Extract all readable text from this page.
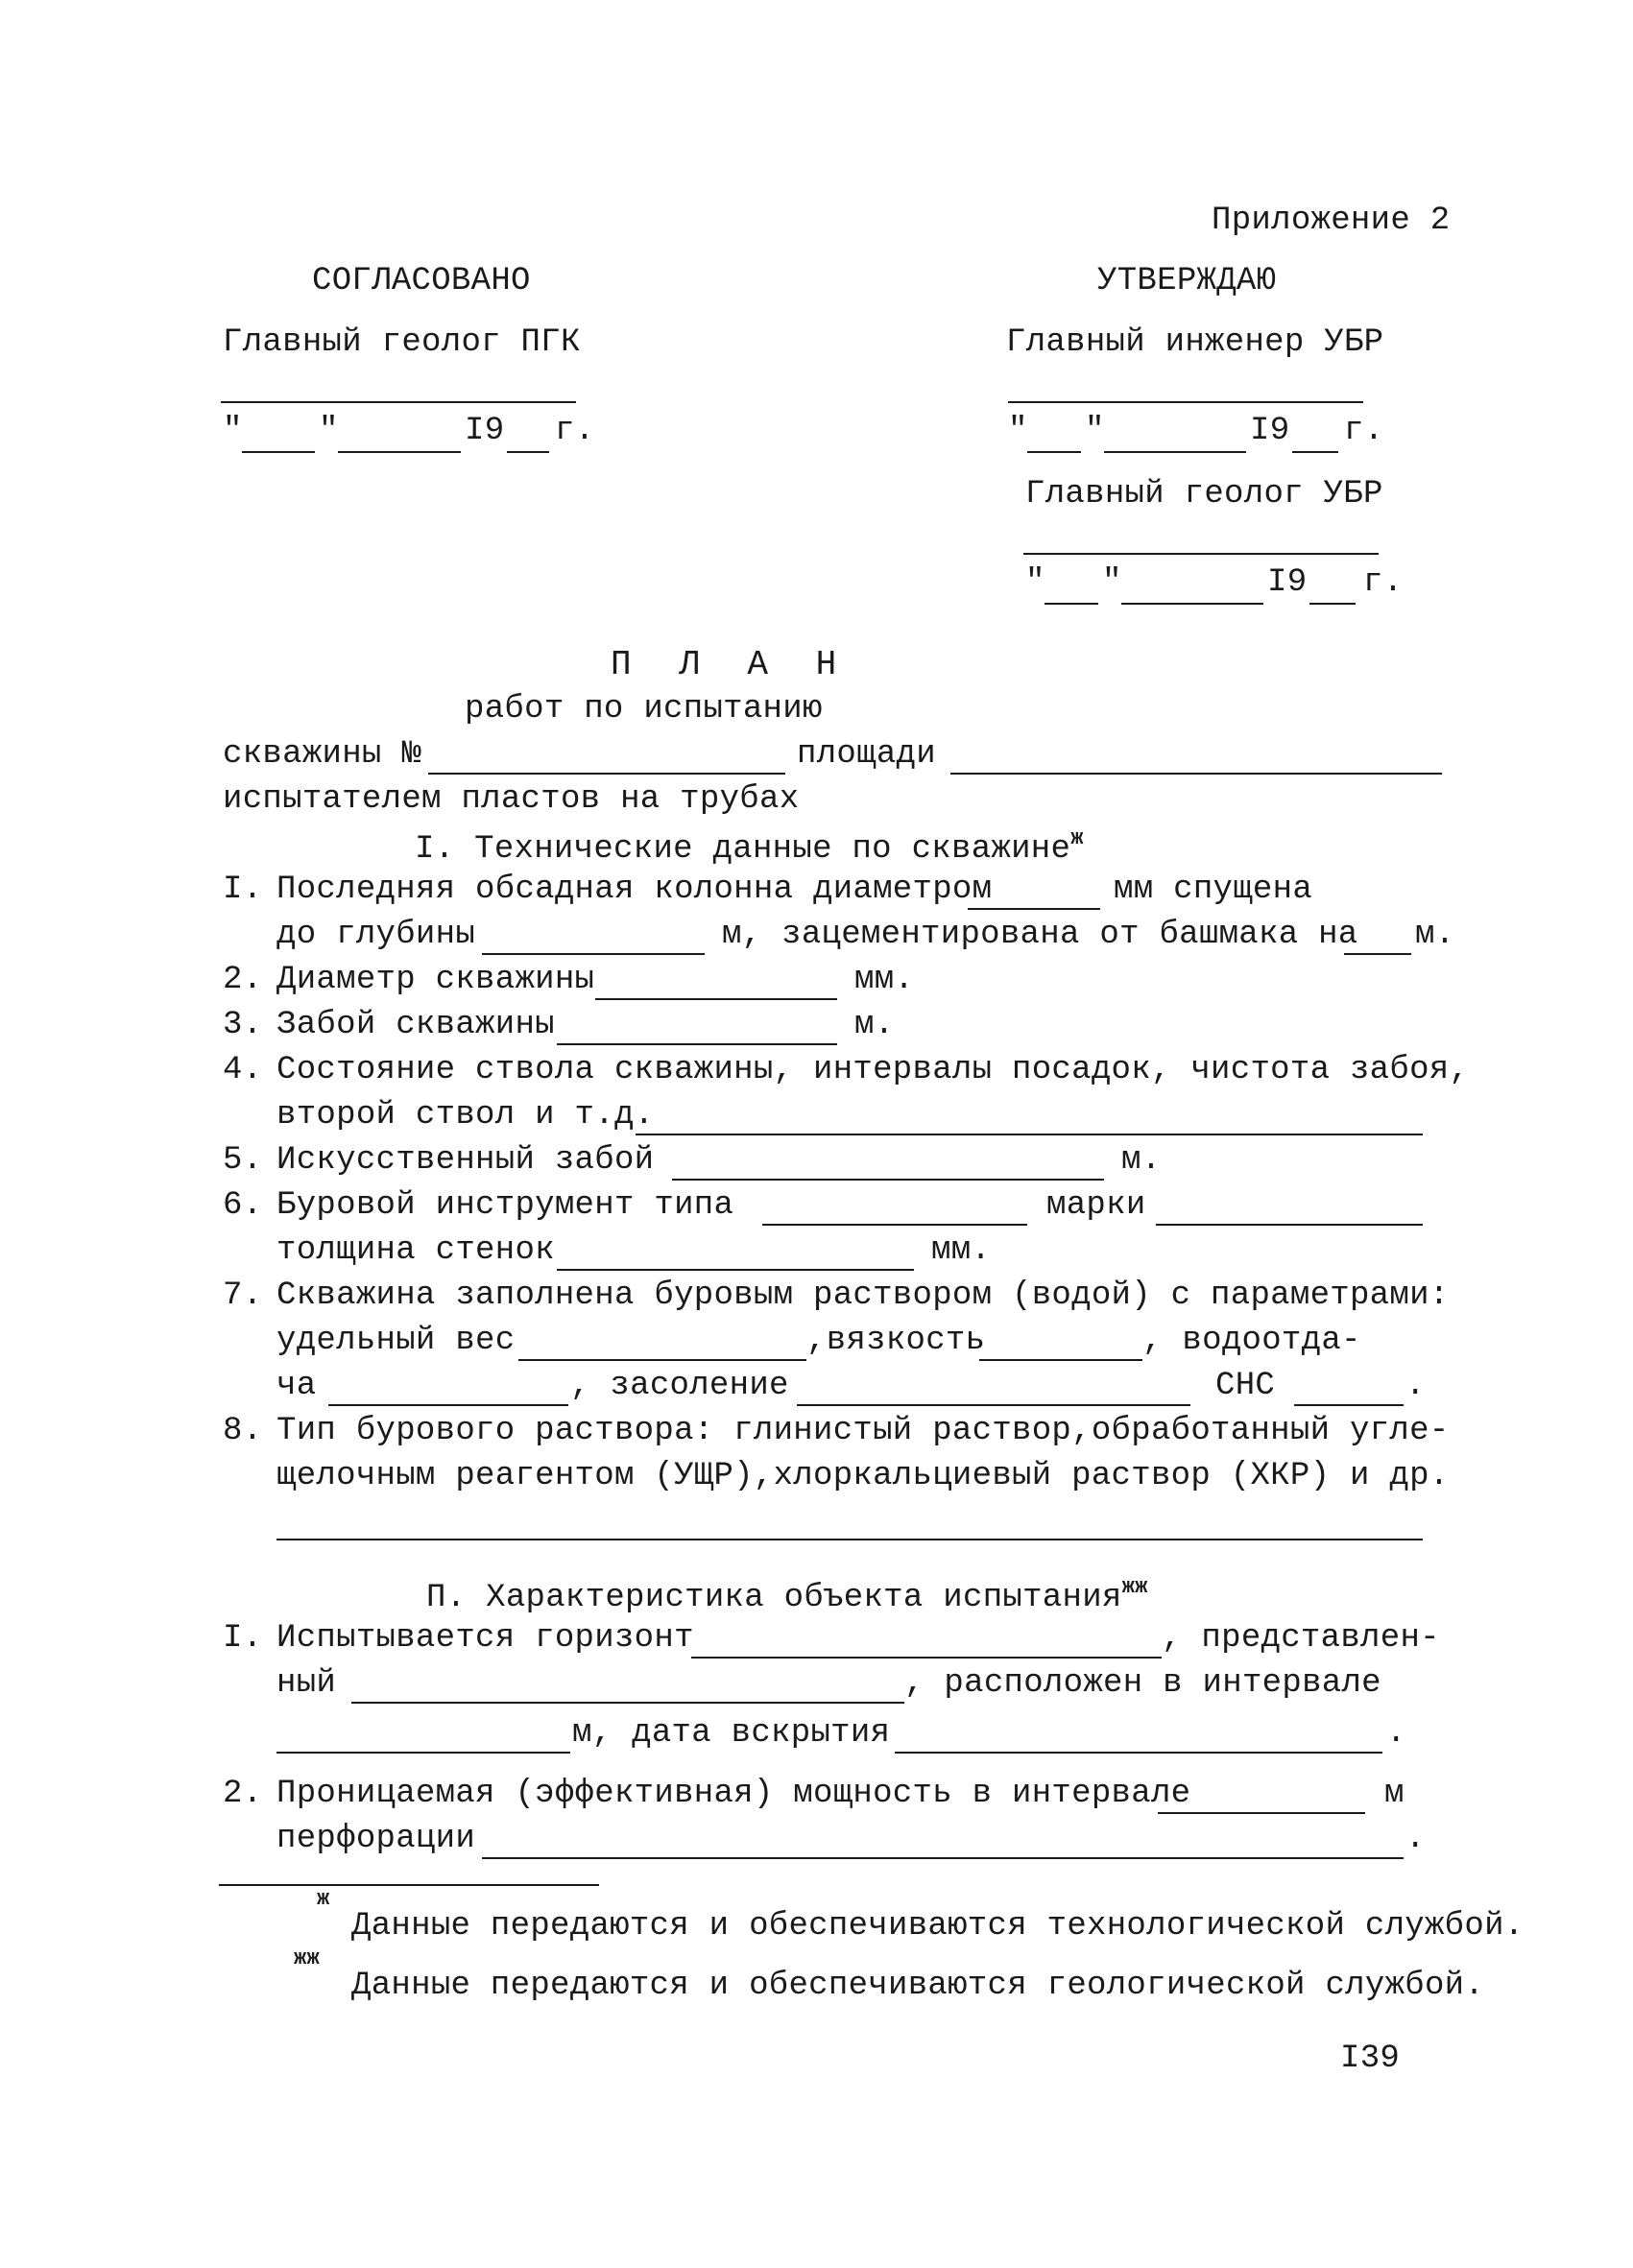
Приложение 2
СОГЛАСОВАНО
Главный геолог ПГК
" "	I9 г.
УТВЕРЖДАЮ
Главный инженер УБР
" "	I9 г.
Главный геолог УБР
" "	I9 г.
П Л А Н
работ по испытанию
скважины №	площади
испытателем пластов на трубах
I. Технические данные по скважине$^ж$
I. Последняя обсадная колонна диаметром	мм спущена
до глубины	м, зацементирована от башмака на м.
2. Диаметр скважины	мм.
3. Забой скважины	м.
4. Состояние ствола скважины, интервалы посадок, чистота забоя,
второй ствол и т.д.
5. Искусственный забой	м.
6. Буровой инструмент типа	марки
толщина стенок	мм.
7. Скважина заполнена буровым раствором (водой) с параметрами:
удельный вес	,вязкость	, водоотда-
ча	, засоление	СНС	.
8. Тип бурового раствора: глинистый раствор,обработанный угле-
щелочным реагентом (УЩР),хлоркальциевый раствор (ХКР) и др.
П. Характеристика объекта испытания$^{жж}$
I. Испытывается горизонт	, представлен-
ный	, расположен в интервале
м, дата вскрытия	.
2. Проницаемая (эффективная) мощность в интервале	м
перфорации	.
$^ж$
Данные передаются и обеспечиваются технологической службой.
$^{жж}$
Данные передаются и обеспечиваются геологической службой.
I39
